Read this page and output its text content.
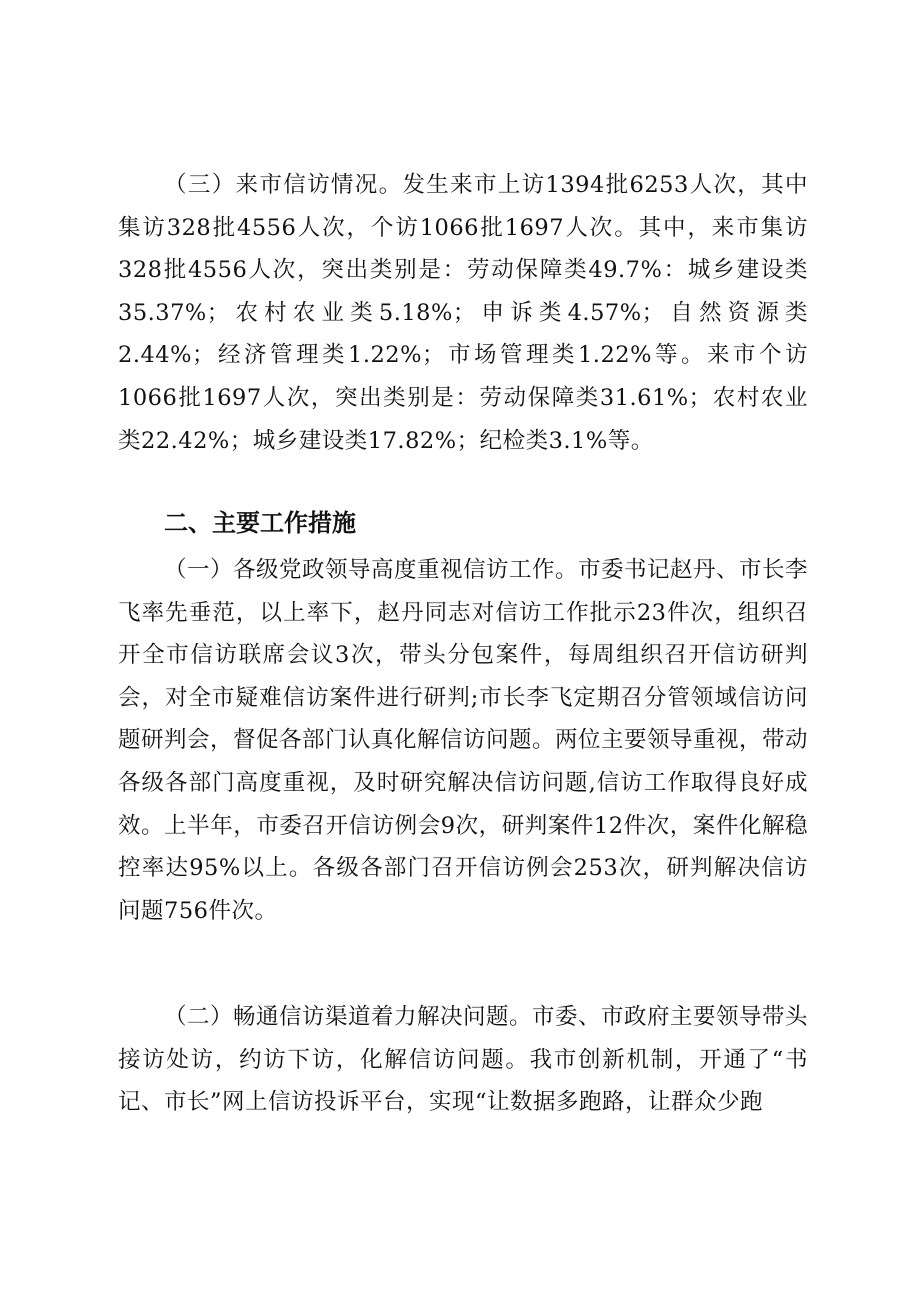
（三）来市信访情况。发生来市上访1394批6253人次，其中集访328批4556人次，个访1066批1697人次。其中，来市集访328批4556人次，突出类别是：劳动保障类49.7%：城乡建设类35.37%；农村农业类5.18%；申诉类4.57%；自然资源类2.44%；经济管理类1.22%；市场管理类1.22%等。来市个访1066批1697人次，突出类别是：劳动保障类31.61%；农村农业类22.42%；城乡建设类17.82%；纪检类3.1%等。

二、主要工作措施

（一）各级党政领导高度重视信访工作。市委书记赵丹、市长李飞率先垂范，以上率下，赵丹同志对信访工作批示23件次，组织召开全市信访联席会议3次，带头分包案件，每周组织召开信访研判会，对全市疑难信访案件进行研判;市长李飞定期召分管领域信访问题研判会，督促各部门认真化解信访问题。两位主要领导重视，带动各级各部门高度重视，及时研究解决信访问题,信访工作取得良好成效。上半年，市委召开信访例会9次，研判案件12件次，案件化解稳控率达95%以上。各级各部门召开信访例会253次，研判解决信访问题756件次。

（二）畅通信访渠道着力解决问题。市委、市政府主要领导带头接访处访，约访下访，化解信访问题。我市创新机制，开通了“书记、市长”网上信访投诉平台，实现“让数据多跑路，让群众少跑
